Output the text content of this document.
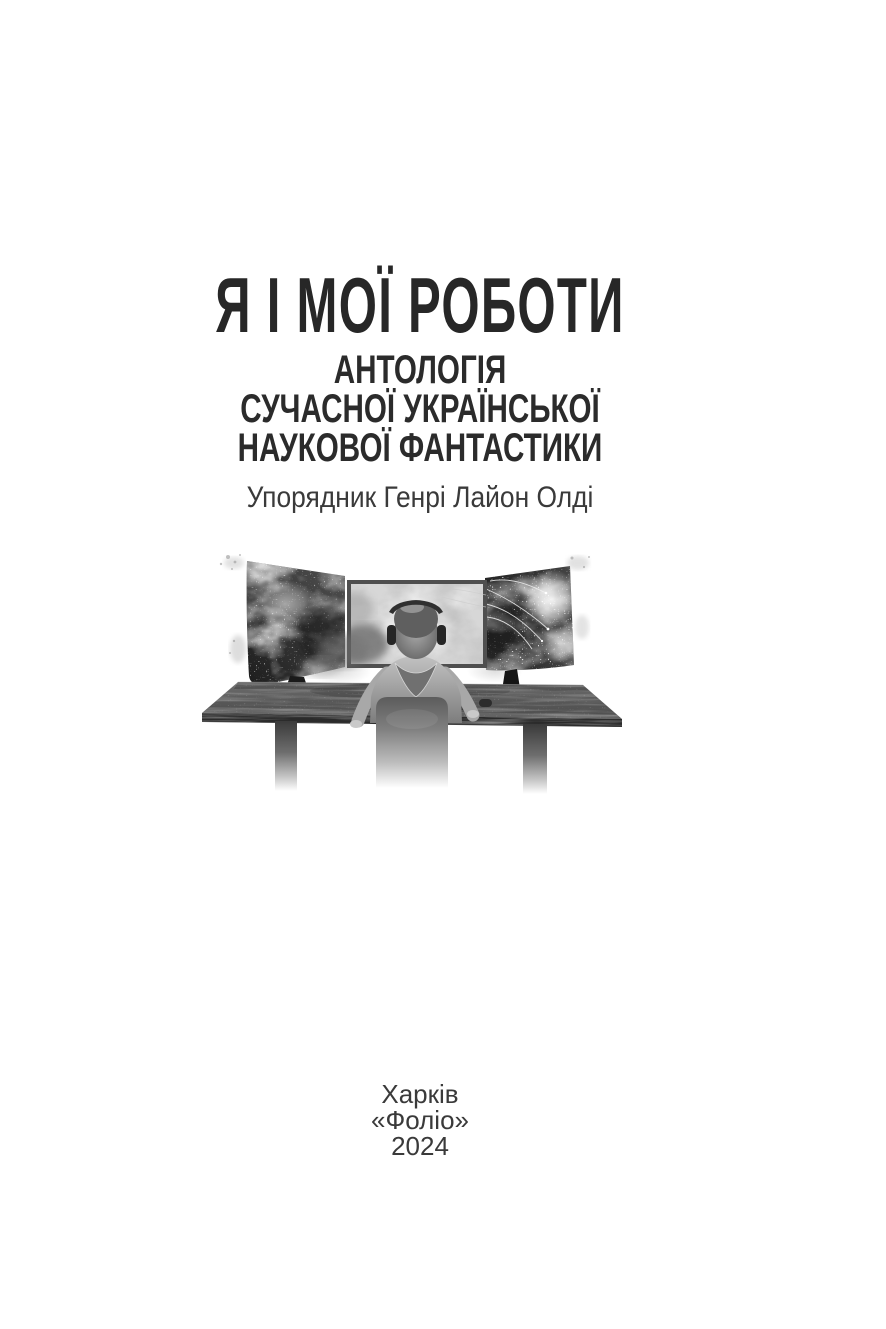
Я І МОЇ РОБОТИ
АНТОЛОГІЯ
СУЧАСНОЇ УКРАЇНСЬКОЇ
НАУКОВОЇ ФАНТАСТИКИ
Упорядник Генрі Лайон Олді
Харків
«Фоліо»
2024
